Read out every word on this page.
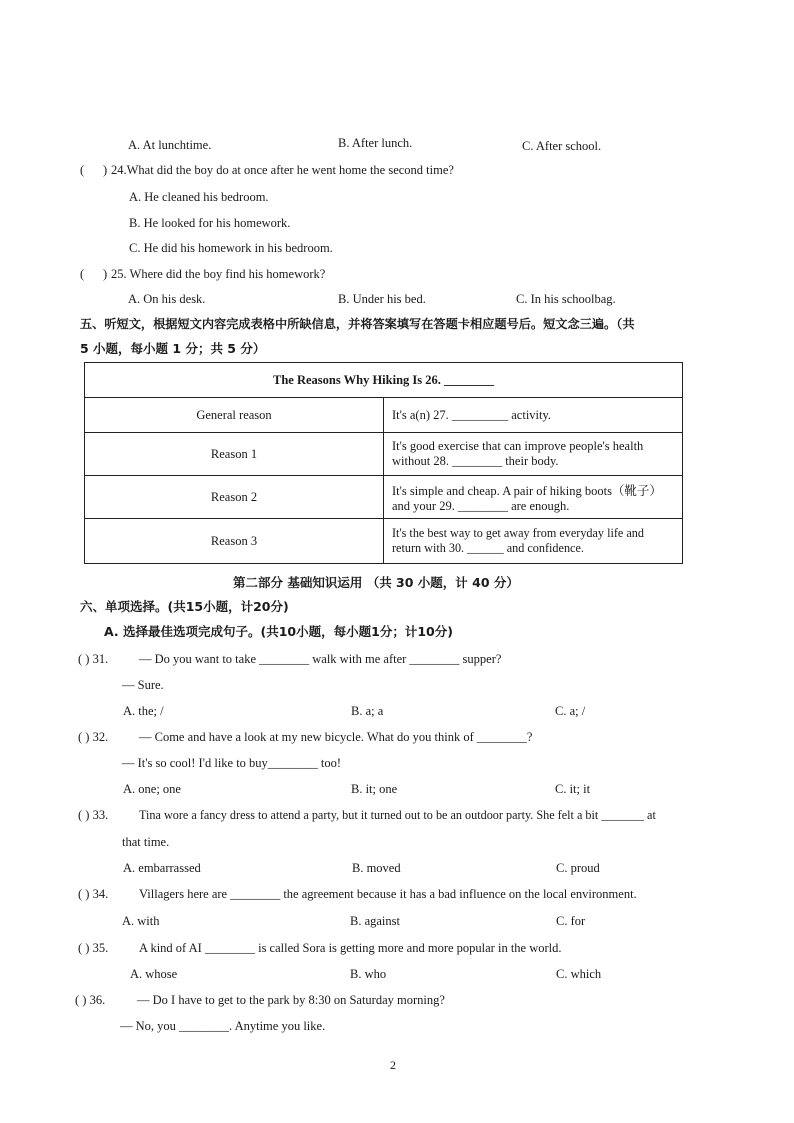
A. At lunchtime.	B. After lunch.	C. After school.
( ) 24.What did the boy do at once after he went home the second time?
A. He cleaned his bedroom.
B. He looked for his homework.
C. He did his homework in his bedroom.
( ) 25. Where did the boy find his homework?
A. On his desk.	B. Under his bed.	C. In his schoolbag.
五、听短文，根据短文内容完成表格中所缺信息，并将答案填写在答题卡相应题号后。短文念三遍。（共
5 小题，每小题 1 分；共 5 分）
The Reasons Why Hiking Is 26. ________	
General reason	It's a(n) 27. _________ activity.
Reason 1	It's good exercise that can improve people's health without 28. ________ their body.
Reason 2	It's simple and cheap. A pair of hiking boots（靴子）and your 29. ________ are enough.
Reason 3	It's the best way to get away from everyday life and return with 30. ______ and confidence.
第二部分 基础知识运用 （共 30 小题，计 40 分）
六、单项选择。(共15小题，计20分)
A. 选择最佳选项完成句子。(共10小题，每小题1分；计10分)
( ) 31. — Do you want to take ________ walk with me after ________ supper?
— Sure.
A. the; /	B. a; a	C. a; /
( ) 32. — Come and have a look at my new bicycle. What do you think of ________?
— It's so cool! I'd like to buy________ too!
A. one; one	B. it; one	C. it; it
( ) 33.	Tina wore a fancy dress to attend a party, but it turned out to be an outdoor party. She felt a bit _______ at
that time.
A. embarrassed	B. moved	C. proud
( ) 34. Villagers here are ________ the agreement because it has a bad influence on the local environment.
A. with	B. against	C. for
( ) 35. A kind of AI ________ is called Sora is getting more and more popular in the world.
A. whose	B. who	C. which
( ) 36.	— Do I have to get to the park by 8:30 on Saturday morning?
— No, you ________. Anytime you like.
2
